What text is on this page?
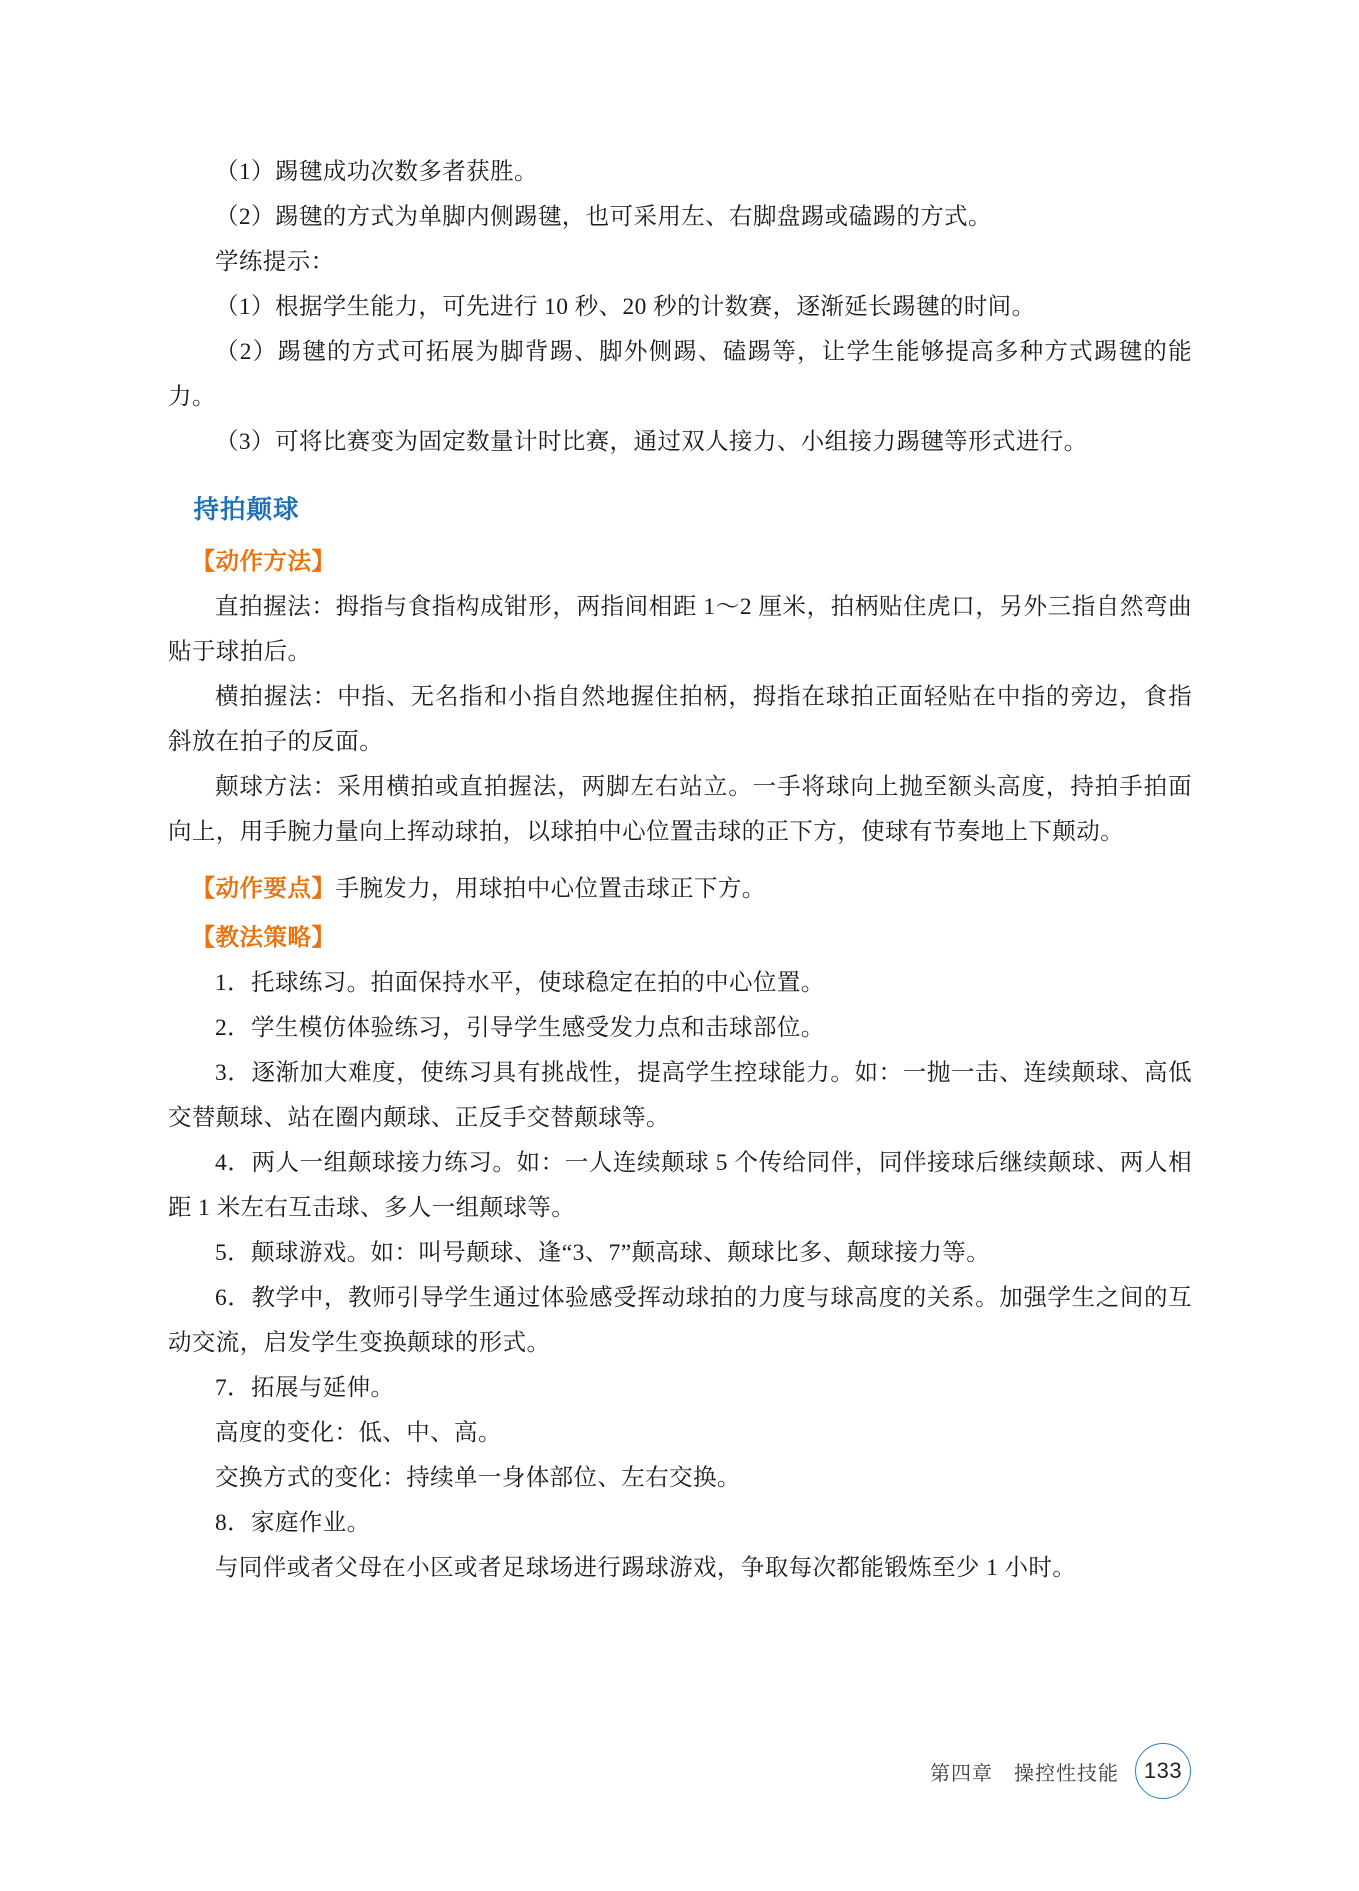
（1）踢毽成功次数多者获胜。

（2）踢毽的方式为单脚内侧踢毽，也可采用左、右脚盘踢或磕踢的方式。

学练提示：

（1）根据学生能力，可先进行 10 秒、20 秒的计数赛，逐渐延长踢毽的时间。

（2）踢毽的方式可拓展为脚背踢、脚外侧踢、磕踢等，让学生能够提高多种方式踢毽的能力。

（3）可将比赛变为固定数量计时比赛，通过双人接力、小组接力踢毽等形式进行。

持拍颠球

【动作方法】

直拍握法：拇指与食指构成钳形，两指间相距 1～2 厘米，拍柄贴住虎口，另外三指自然弯曲贴于球拍后。

横拍握法：中指、无名指和小指自然地握住拍柄，拇指在球拍正面轻贴在中指的旁边，食指斜放在拍子的反面。

颠球方法：采用横拍或直拍握法，两脚左右站立。一手将球向上抛至额头高度，持拍手拍面向上，用手腕力量向上挥动球拍，以球拍中心位置击球的正下方，使球有节奏地上下颠动。

【动作要点】手腕发力，用球拍中心位置击球正下方。

【教法策略】

1．托球练习。拍面保持水平，使球稳定在拍的中心位置。

2．学生模仿体验练习，引导学生感受发力点和击球部位。

3．逐渐加大难度，使练习具有挑战性，提高学生控球能力。如：一抛一击、连续颠球、高低交替颠球、站在圈内颠球、正反手交替颠球等。

4．两人一组颠球接力练习。如：一人连续颠球 5 个传给同伴，同伴接球后继续颠球、两人相距 1 米左右互击球、多人一组颠球等。

5．颠球游戏。如：叫号颠球、逢“3、7”颠高球、颠球比多、颠球接力等。

6．教学中，教师引导学生通过体验感受挥动球拍的力度与球高度的关系。加强学生之间的互动交流，启发学生变换颠球的形式。

7．拓展与延伸。

高度的变化：低、中、高。

交换方式的变化：持续单一身体部位、左右交换。

8．家庭作业。

与同伴或者父母在小区或者足球场进行踢球游戏，争取每次都能锻炼至少 1 小时。

第四章　操控性技能	133
